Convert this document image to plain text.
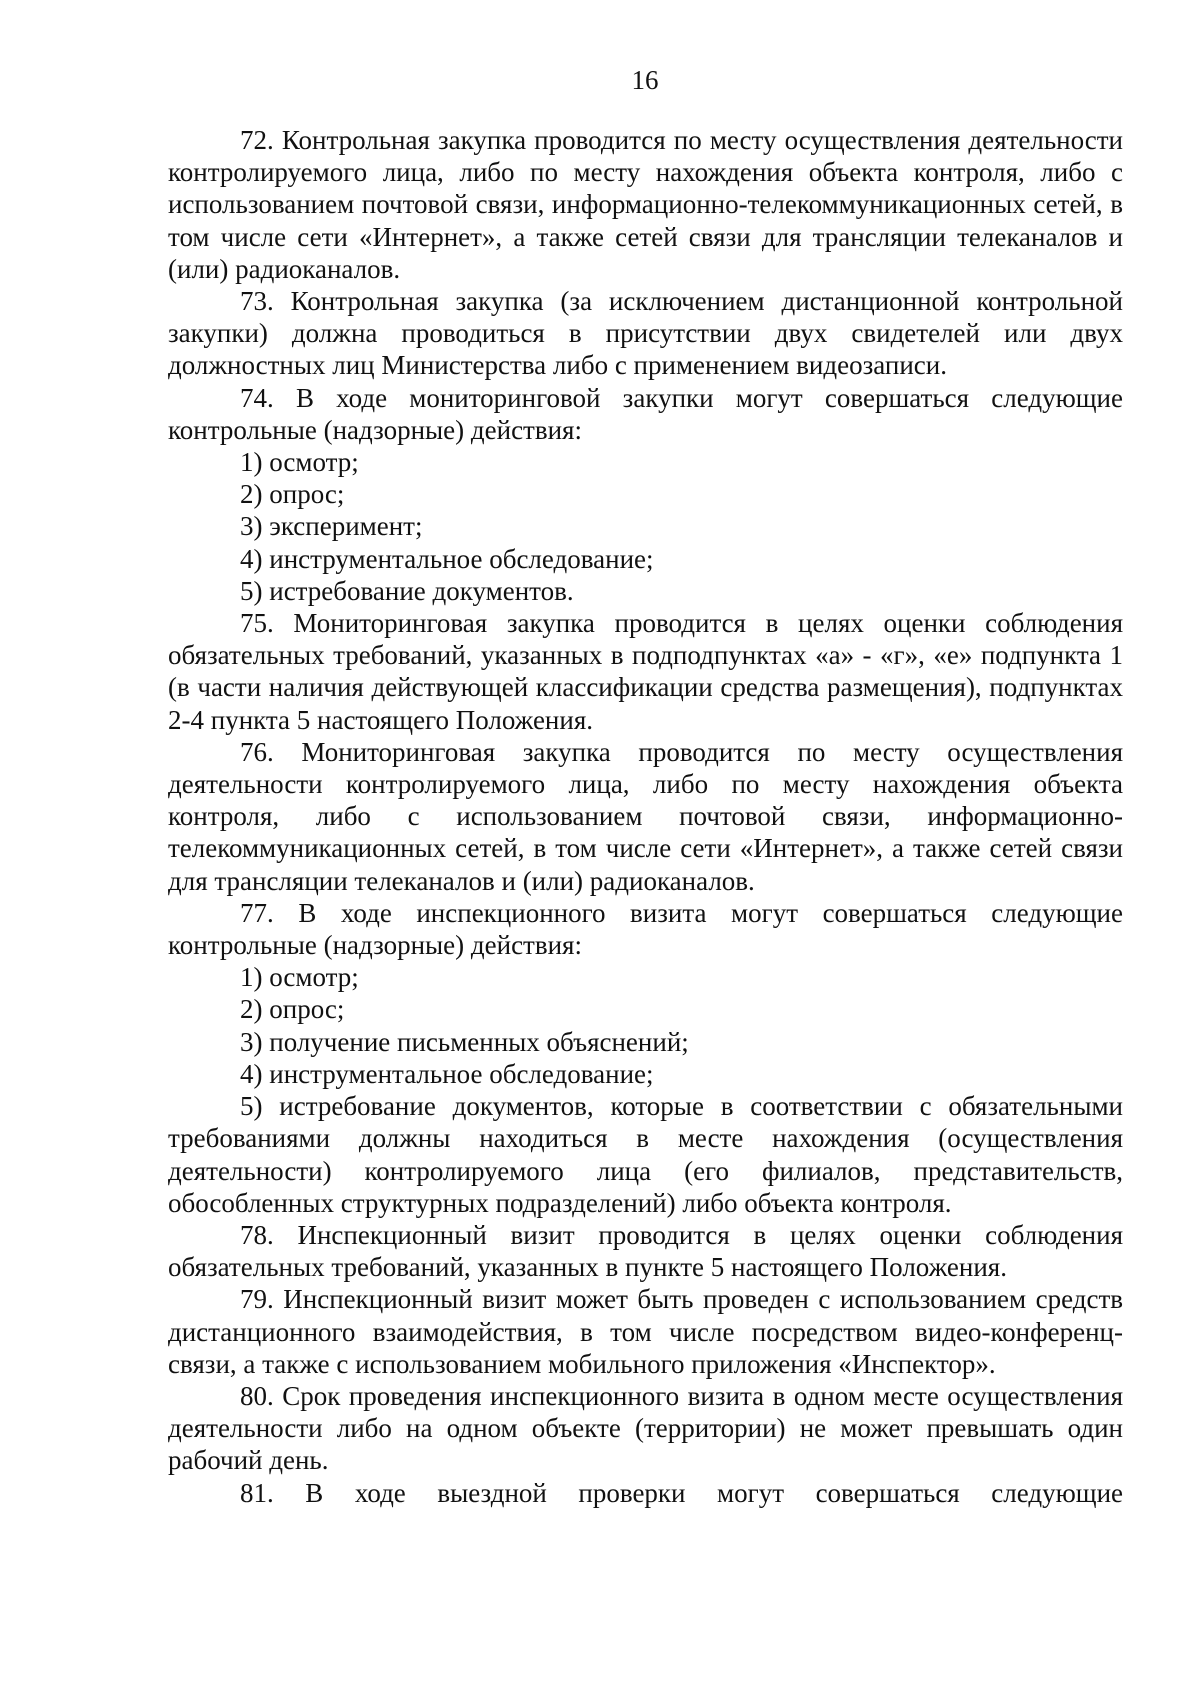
16

72. Контрольная закупка проводится по месту осуществления деятельности контролируемого лица, либо по месту нахождения объекта контроля, либо с использованием почтовой связи, информационно-телекоммуникационных сетей, в том числе сети «Интернет», а также сетей связи для трансляции телеканалов и (или) радиоканалов.

73. Контрольная закупка (за исключением дистанционной контрольной закупки) должна проводиться в присутствии двух свидетелей или двух должностных лиц Министерства либо с применением видеозаписи.

74. В ходе мониторинговой закупки могут совершаться следующие контрольные (надзорные) действия:

1) осмотр;

2) опрос;

3) эксперимент;

4) инструментальное обследование;

5) истребование документов.

75. Мониторинговая закупка проводится в целях оценки соблюдения обязательных требований, указанных в подподпунктах «а» - «г», «е» подпункта 1 (в части наличия действующей классификации средства размещения), подпунктах 2-4 пункта 5 настоящего Положения.

76. Мониторинговая закупка проводится по месту осуществления деятельности контролируемого лица, либо по месту нахождения объекта контроля, либо с использованием почтовой связи, информационно-телекоммуникационных сетей, в том числе сети «Интернет», а также сетей связи для трансляции телеканалов и (или) радиоканалов.

77. В ходе инспекционного визита могут совершаться следующие контрольные (надзорные) действия:

1) осмотр;

2) опрос;

3) получение письменных объяснений;

4) инструментальное обследование;

5) истребование документов, которые в соответствии с обязательными требованиями должны находиться в месте нахождения (осуществления деятельности) контролируемого лица (его филиалов, представительств, обособленных структурных подразделений) либо объекта контроля.

78. Инспекционный визит проводится в целях оценки соблюдения обязательных требований, указанных в пункте 5 настоящего Положения.

79. Инспекционный визит может быть проведен с использованием средств дистанционного взаимодействия, в том числе посредством видео-конференц-связи, а также с использованием мобильного приложения «Инспектор».

80. Срок проведения инспекционного визита в одном месте осуществления деятельности либо на одном объекте (территории) не может превышать один рабочий день.

81. В ходе выездной проверки могут совершаться следующие
